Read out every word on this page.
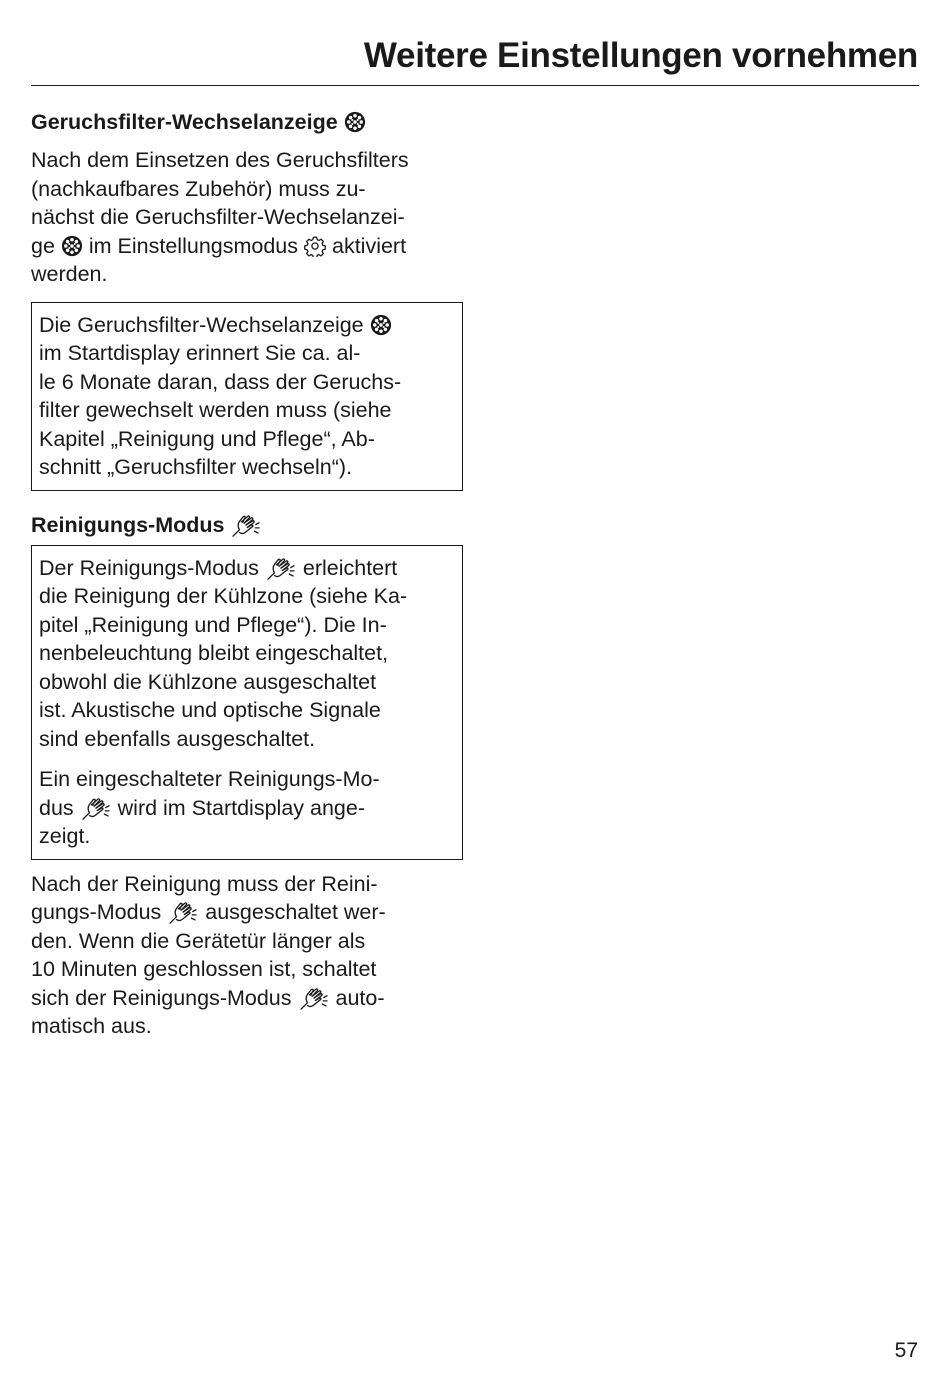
Weitere Einstellungen vornehmen

Geruchsfilter-Wechselanzeige

Nach dem Einsetzen des Geruchsfilters
(nachkaufbares Zubehör) muss zu-
nächst die Geruchsfilter-Wechselanzei-
ge im Einstellungsmodus aktiviert
werden.
Die Geruchsfilter-Wechselanzeige
im Startdisplay erinnert Sie ca. al-
le 6 Monate daran, dass der Geruchs-
filter gewechselt werden muss (siehe
Kapitel „Reinigung und Pflege“, Ab-
schnitt „Geruchsfilter wechseln“).

Reinigungs-Modus

Der Reinigungs-Modus erleichtert
die Reinigung der Kühlzone (siehe Ka-
pitel „Reinigung und Pflege“). Die In-
nenbeleuchtung bleibt eingeschaltet,
obwohl die Kühlzone ausgeschaltet
ist. Akustische und optische Signale
sind ebenfalls ausgeschaltet.

Ein eingeschalteter Reinigungs-Mo-
dus wird im Startdisplay ange-
zeigt.

Nach der Reinigung muss der Reini-
gungs-Modus ausgeschaltet wer-
den. Wenn die Gerätetür länger als
10 Minuten geschlossen ist, schaltet
sich der Reinigungs-Modus auto-
matisch aus.
57
